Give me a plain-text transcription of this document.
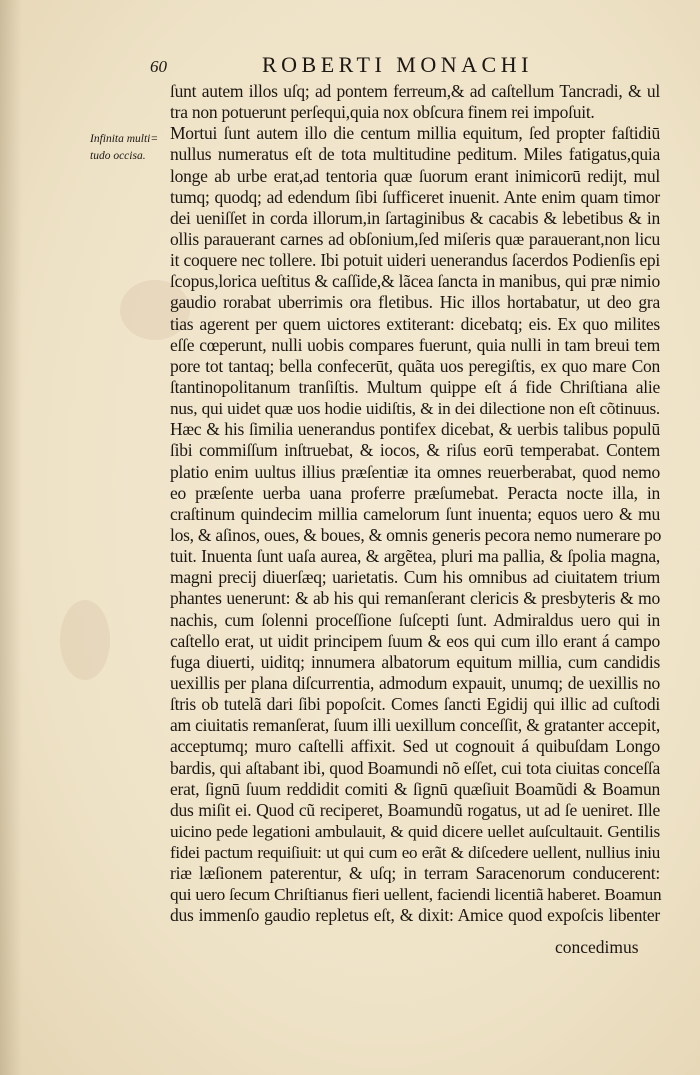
60	ROBERTI MONACHI
Infinita multi=
tudo occisa.
ſunt autem illos uſq; ad pontem ferreum,& ad caſtellum Tancradi, & ul
tra non potuerunt perſequi,quia nox obſcura finem rei impoſuit.
Mortui ſunt autem illo die centum millia equitum, ſed propter faſtidiū
nullus numeratus eſt de tota multitudine peditum. Miles fatigatus,quia
longe ab urbe erat,ad tentoria quæ ſuorum erant inimicorū redijt, mul
tumq; quodq; ad edendum ſibi ſufficeret inuenit. Ante enim quam timor
dei ueniſſet in corda illorum,in ſartaginibus & cacabis & lebetibus & in
ollis parauerant carnes ad obſonium,ſed miſeris quæ parauerant,non licu
it coquere nec tollere. Ibi potuit uideri uenerandus ſacerdos Podienſis epi
ſcopus,lorica ueſtitus & caſſide,& lãcea ſancta in manibus, qui præ nimio
gaudio rorabat uberrimis ora fletibus. Hic illos hortabatur, ut deo gra
tias agerent per quem uictores extiterant: dicebatq; eis. Ex quo milites
eſſe cœperunt, nulli uobis compares fuerunt, quia nulli in tam breui tem
pore tot tantaq; bella confecerūt, quãta uos peregiſtis, ex quo mare Con
ſtantinopolitanum tranſiſtis. Multum quippe eſt á fide Chriſtiana alie
nus, qui uidet quæ uos hodie uidiſtis, & in dei dilectione non eſt cõtinuus.
Hæc & his ſimilia uenerandus pontifex dicebat, & uerbis talibus populū
ſibi commiſſum inſtruebat, & iocos, & riſus eorū temperabat. Contem
platio enim uultus illius præſentiæ ita omnes reuerberabat, quod nemo
eo præſente uerba uana proferre præſumebat. Peracta nocte illa, in
craſtinum quindecim millia camelorum ſunt inuenta; equos uero & mu
los, & aſinos, oues, & boues, & omnis generis pecora nemo numerare po
tuit. Inuenta ſunt uaſa aurea, & argẽtea, pluri ma pallia, & ſpolia magna,
magni precij diuerſæq; uarietatis. Cum his omnibus ad ciuitatem trium
phantes uenerunt: & ab his qui remanſerant clericis & presbyteris & mo
nachis, cum ſolenni proceſſione ſuſcepti ſunt. Admiraldus uero qui in
caſtello erat, ut uidit principem ſuum & eos qui cum illo erant á campo
fuga diuerti, uiditq; innumera albatorum equitum millia, cum candidis
uexillis per plana diſcurrentia, admodum expauit, unumq; de uexillis no
ſtris ob tutelã dari ſibi popoſcit. Comes ſancti Egidij qui illic ad cuſtodi
am ciuitatis remanſerat, ſuum illi uexillum conceſſit, & gratanter accepit,
acceptumq; muro caſtelli affixit. Sed ut cognouit á quibuſdam Longo
bardis, qui aſtabant ibi, quod Boamundi nõ eſſet, cui tota ciuitas conceſſa
erat, ſignū ſuum reddidit comiti & ſignū quæſiuit Boamũdi & Boamun
dus miſit ei. Quod cũ reciperet, Boamundũ rogatus, ut ad ſe ueniret. Ille
uicino pede legationi ambulauit, & quid dicere uellet auſcultauit. Gentilis
fidei pactum requiſiuit: ut qui cum eo erãt & diſcedere uellent, nullius iniu
riæ læſionem paterentur, & uſq; in terram Saracenorum conducerent:
qui uero ſecum Chriſtianus fieri uellent, faciendi licentiã haberet. Boamun
dus immenſo gaudio repletus eſt, & dixit: Amice quod expoſcis libenter
concedimus
